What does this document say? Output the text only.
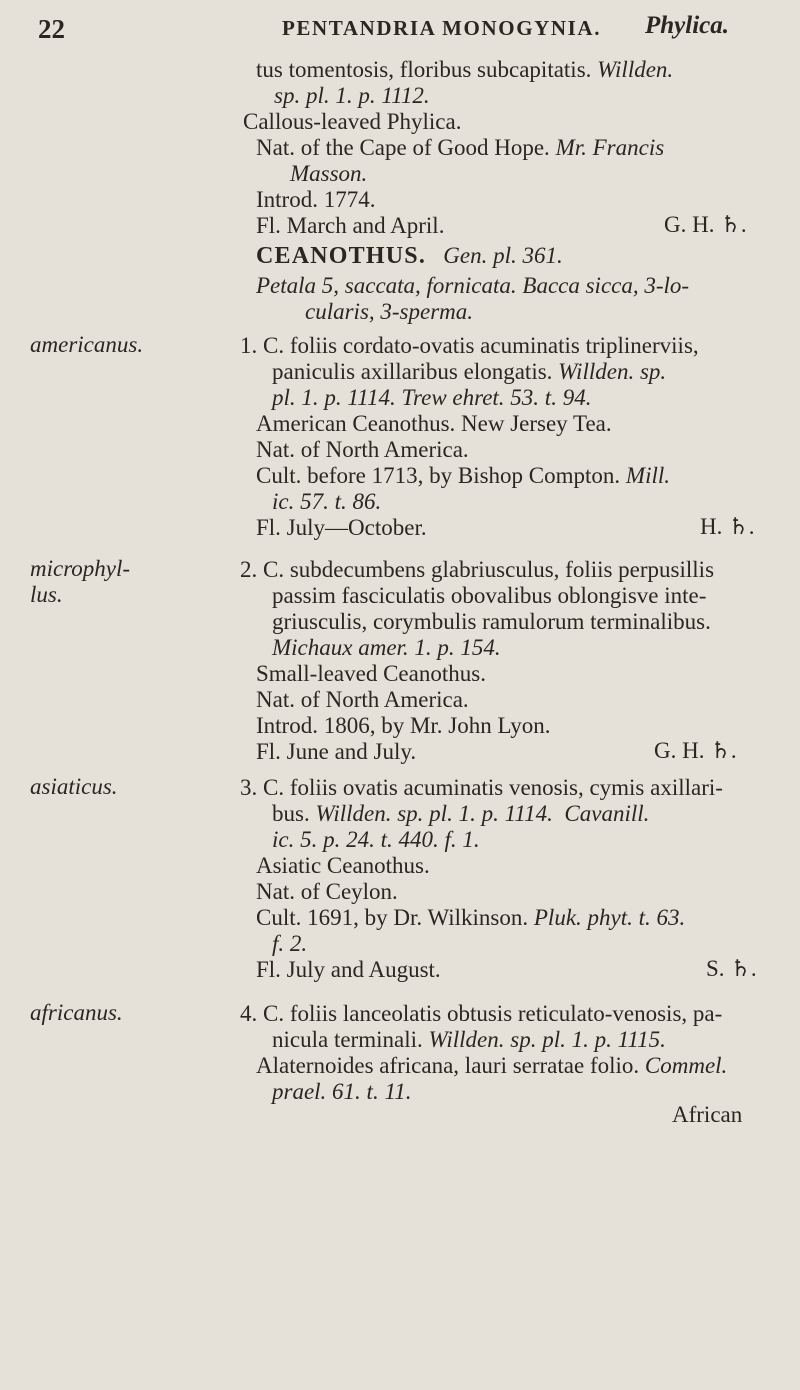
22	PENTANDRIA MONOGYNIA. Phylica.
tus tomentosis, floribus subcapitatis. Willden.
sp. pl. 1. p. 1112.
Callous-leaved Phylica.
Nat. of the Cape of Good Hope. Mr. Francis
Masson.
Introd. 1774.
Fl. March and April.	G. H. ♄.
CEANOTHUS. Gen. pl. 361.
Petala 5, saccata, fornicata. Bacca sicca, 3-lo-
cularis, 3-sperma.
americanus.	1. C. foliis cordato-ovatis acuminatis triplinerviis,
paniculis axillaribus elongatis. Willden. sp.
pl. 1. p. 1114. Trew ehret. 53. t. 94.
American Ceanothus. New Jersey Tea.
Nat. of North America.
Cult. before 1713, by Bishop Compton. Mill.
ic. 57. t. 86.
Fl. July—October.	H. ♄.
microphyl-
lus.
2. C. subdecumbens glabriusculus, foliis perpusillis
passim fasciculatis obovalibus oblongisve inte-
griusculis, corymbulis ramulorum terminalibus.
Michaux amer. 1. p. 154.
Small-leaved Ceanothus.
Nat. of North America.
Introd. 1806, by Mr. John Lyon.
Fl. June and July.	G. H. ♄.
asiaticus.	3. C. foliis ovatis acuminatis venosis, cymis axillari-
bus. Willden. sp. pl. 1. p. 1114. Cavanill.
ic. 5. p. 24. t. 440. f. 1.
Asiatic Ceanothus.
Nat. of Ceylon.
Cult. 1691, by Dr. Wilkinson. Pluk. phyt. t. 63.
f. 2.
Fl. July and August.	S. ♄.
africanus.	4. C. foliis lanceolatis obtusis reticulato-venosis, pa-
nicula terminali. Willden. sp. pl. 1. p. 1115.
Alaternoides africana, lauri serratae folio. Commel.
prael. 61. t. 11.
African
